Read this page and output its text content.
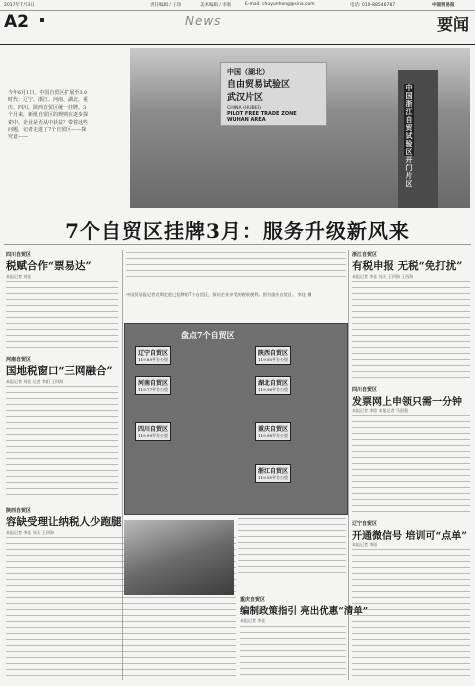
2017年7月3日	责任编辑 / 王珍	美术编辑 / 李新	E-mail: chuyunhong@sina.com	电话: 010-88546787	中国贸易报
A2	News	要闻
今年6月1日，中国自贸区扩展至3.0时代：辽宁、浙江、河南、湖北、重庆、四川、陕西自贸区统一挂牌。3个月来，新批自贸区的规则在逐步探索中。企业是否从中获益？带着这些问题，记者走进了7个自贸区——探究竟——
中国（湖北）
自由贸易试验区
武汉片区
CHINA (HUBEI)
PILOT FREE TRADE ZONE
WUHAN AREA
中国浙江自贸试验区开门片区
7个自贸区挂牌3月：服务升级新风来
四川自贸区
税赋合作“票易达”
本报记者 刘佳
河南自贸区
国地税窗口“三网融合”
本报记者 刘佳 记者 李阳 王四海
陕西自贸区
容缺受理让纳税人少跑腿
本报记者 李佳 刘天 王四海
中国贸易报记者近期走进已挂牌的7个自贸区，探访企业享受的税收便利。图为重庆自贸区。 李佳 摄
盘点7个自贸区
辽宁自贸区
119.89平方公里
陕西自贸区
119.95平方公里
河南自贸区
119.77平方公里
湖北自贸区
119.96平方公里
四川自贸区
119.99平方公里
重庆自贸区
119.98平方公里
浙江自贸区
119.95平方公里
重庆自贸区
编制政策指引 亮出优惠“清单”
本报记者 李佳
浙江自贸区
有税申报 无税“免打扰”
本报记者 李佳 刘天 王四海 王西海
四川自贸区
发票网上申领只需一分钟
本报记者 李阳 本报记者 马国强
辽宁自贸区
开通微信号 培训可“点单”
本报记者 李阳
